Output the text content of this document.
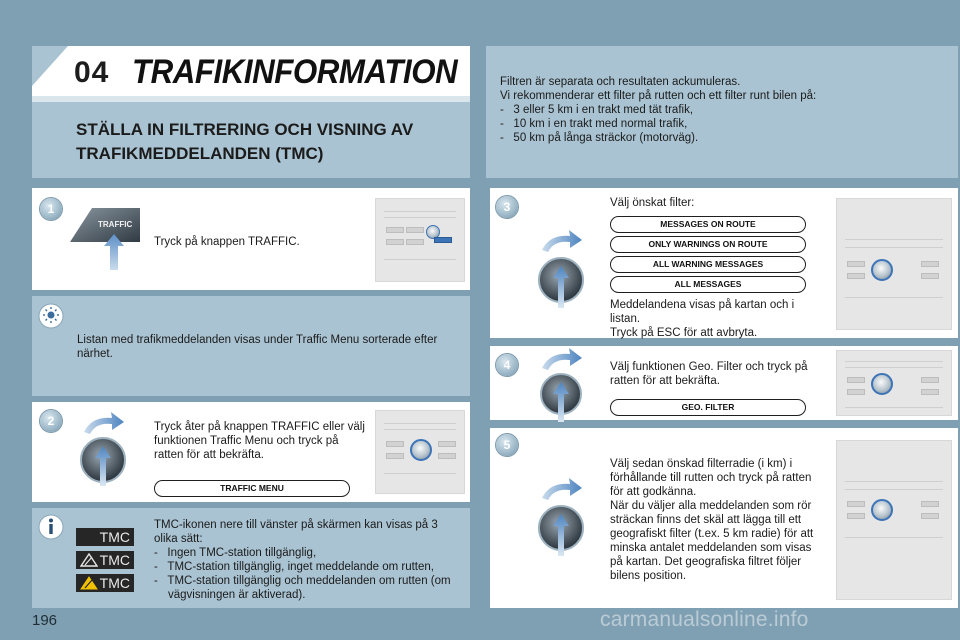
04 TRAFIKINFORMATION
STÄLLA IN FILTRERING OCH VISNING AV TRAFIKMEDDELANDEN (TMC)
Filtren är separata och resultaten ackumuleras.
Vi rekommenderar ett filter på rutten och ett filter runt bilen på:
-   3 eller 5 km i en trakt med tät trafik,
-   10 km i en trakt med normal trafik,
-   50 km på långa sträckor (motorväg).
1
TRAFFIC
Tryck på knappen TRAFFIC.
Listan med trafikmeddelanden visas under Traffic Menu sorterade efter närhet.
2	Tryck åter på knappen TRAFFIC eller välj funktionen Traffic Menu och tryck på ratten för att bekräfta.
TRAFFIC MENU
TMC
TMC
TMC
TMC-ikonen nere till vänster på skärmen kan visas på 3 olika sätt:
-   Ingen TMC-station tillgänglig,
-   TMC-station tillgänglig, inget meddelande om rutten,
-   TMC-station tillgänglig och meddelanden om rutten (om vägvisningen är aktiverad).
3	Välj önskat filter:
MESSAGES ON ROUTE
ONLY WARNINGS ON ROUTE
ALL WARNING MESSAGES
ALL MESSAGES
Meddelandena visas på kartan och i listan.
Tryck på ESC för att avbryta.
4	Välj funktionen Geo. Filter och tryck på ratten för att bekräfta.
GEO. FILTER
5
Välj sedan önskad filterradie (i km) i förhållande till rutten och tryck på ratten för att godkänna.
När du väljer alla meddelanden som rör sträckan finns det skäl att lägga till ett geografiskt filter (t.ex. 5 km radie) för att minska antalet meddelanden som visas på kartan. Det geografiska filtret följer bilens position.
196	carmanualsonline.info
